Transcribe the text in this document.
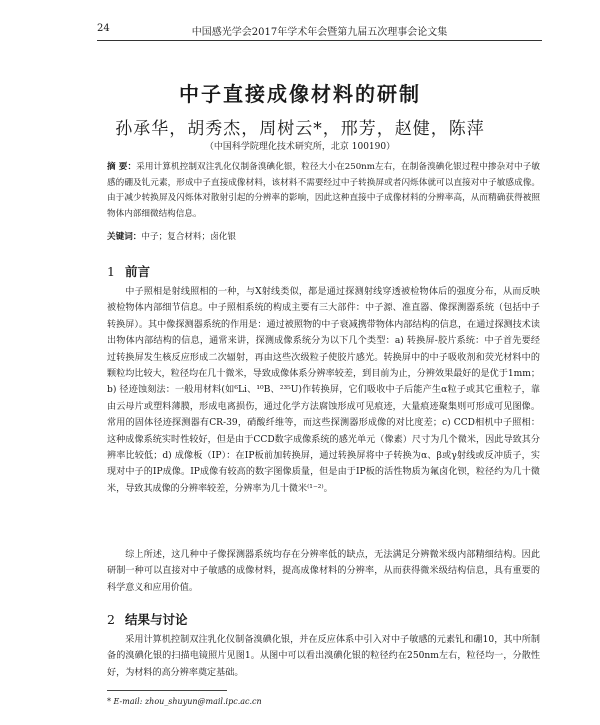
24	中国感光学会2017年学术年会暨第九届五次理事会论文集
中子直接成像材料的研制
孙承华，胡秀杰，周树云*，邢芳，赵健，陈萍
（中国科学院理化技术研究所，北京 100190）
摘 要：采用计算机控制双注乳化仪制备溴碘化银，粒径大小在250nm左右，在制备溴碘化银过程中掺杂对中子敏感的硼及钆元素，形成中子直接成像材料，该材料不需要经过中子转换屏或者闪烁体就可以直接对中子敏感成像。由于减少转换屏及闪烁体对散射引起的分辨率的影响，因此这种直接中子成像材料的分辨率高，从而精确获得被照物体内部细微结构信息。
关键词：中子；复合材料；卤化银
1 前言

中子照相是射线照相的一种，与X射线类似，都是通过探测射线穿透被检物体后的强度分布，从而反映被检物体内部细节信息。中子照相系统的构成主要有三大部件：中子源、准直器、像探测器系统（包括中子转换屏）。其中像探测器系统的作用是：通过被照物的中子衰减携带物体内部结构的信息，在通过探测技术读出物体内部结构的信息，通常来讲，探测成像系统分为以下几个类型：a) 转换屏-胶片系统：中子首先要经过转换屏发生核反应形成二次辐射，再由这些次级粒子使胶片感光。转换屏中的中子吸收剂和荧光材料中的颗粒均比较大，粒径均在几十微米，导致成像体系分辨率较差，到目前为止，分辨效果最好的是优于1mm；b) 径迹蚀刻法：一般用材料(如⁶Li、¹⁰B、²³⁵U)作转换屏，它们吸收中子后能产生α粒子或其它重粒子，靠由云母片或塑料薄膜，形成电离损伤，通过化学方法腐蚀形成可见痕迹，大量痕迹聚集则可形成可见图像。常用的固体径迹探测器有CR-39，硝酸纤维等，而这些探测器形成像的对比度差；c) CCD相机中子照相：这种成像系统实时性较好，但是由于CCD数字成像系统的感光单元（像素）尺寸为几个微米，因此导致其分辨率比较低；d) 成像板（IP）：在IP板前加转换屏，通过转换屏将中子转换为α、β或γ射线或反冲质子，实现对中子的IP成像。IP成像有较高的数字图像质量，但是由于IP板的活性物质为氟卤化钡，粒径约为几十微米，导致其成像的分辨率较差，分辨率为几十微米⁽¹⁻²⁾。

综上所述，这几种中子像探测器系统均存在分辨率低的缺点，无法满足分辨微米级内部精细结构。因此研制一种可以直接对中子敏感的成像材料，提高成像材料的分辨率，从而获得微米级结构信息，具有重要的科学意义和应用价值。

2 结果与讨论

采用计算机控制双注乳化仪制备溴碘化银，并在反应体系中引入对中子敏感的元素钆和硼10，其中所制备的溴碘化银的扫描电镜照片见图1。从图中可以看出溴碘化银的粒径约在250nm左右，粒径均一，分散性好，为材料的高分辨率奠定基础。

* E-mail: zhou_shuyun@mail.ipc.ac.cn
